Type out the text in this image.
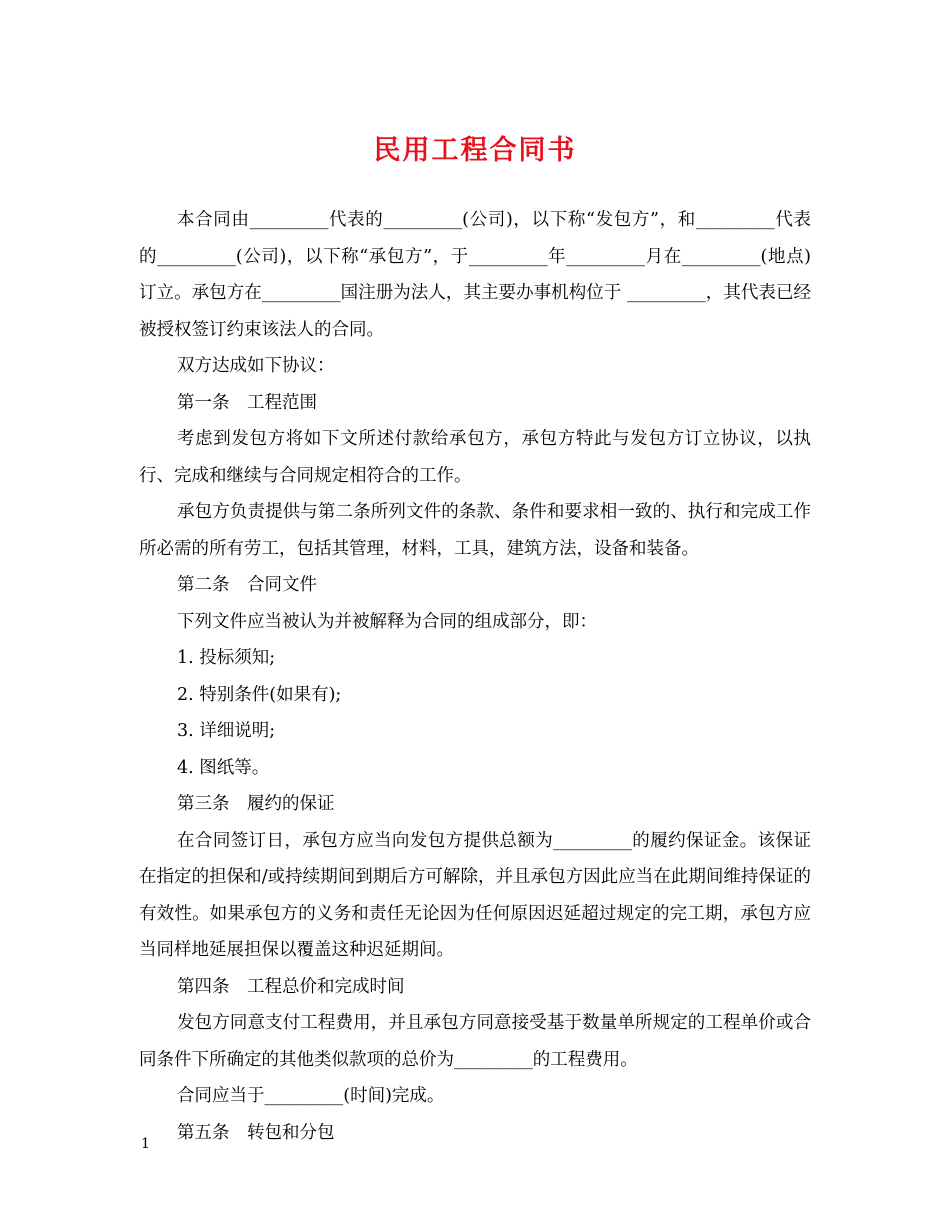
民用工程合同书

本合同由_________代表的_________(公司)，以下称“发包方”，和_________代表的_________(公司)，以下称“承包方”，于_________年_________月在_________(地点)订立。承包方在_________国注册为法人，其主要办事机构位于 _________，其代表已经被授权签订约束该法人的合同。

双方达成如下协议：

第一条　工程范围

考虑到发包方将如下文所述付款给承包方，承包方特此与发包方订立协议，以执行、完成和继续与合同规定相符合的工作。

承包方负责提供与第二条所列文件的条款、条件和要求相一致的、执行和完成工作所必需的所有劳工，包括其管理，材料，工具，建筑方法，设备和装备。

第二条　合同文件

下列文件应当被认为并被解释为合同的组成部分，即：

1. 投标须知;

2. 特别条件(如果有);

3. 详细说明;

4. 图纸等。

第三条　履约的保证

在合同签订日，承包方应当向发包方提供总额为_________的履约保证金。该保证在指定的担保和/或持续期间到期后方可解除，并且承包方因此应当在此期间维持保证的有效性。如果承包方的义务和责任无论因为任何原因迟延超过规定的完工期，承包方应当同样地延展担保以覆盖这种迟延期间。

第四条　工程总价和完成时间

发包方同意支付工程费用，并且承包方同意接受基于数量单所规定的工程单价或合同条件下所确定的其他类似款项的总价为_________的工程费用。

合同应当于_________(时间)完成。

第五条　转包和分包

1
